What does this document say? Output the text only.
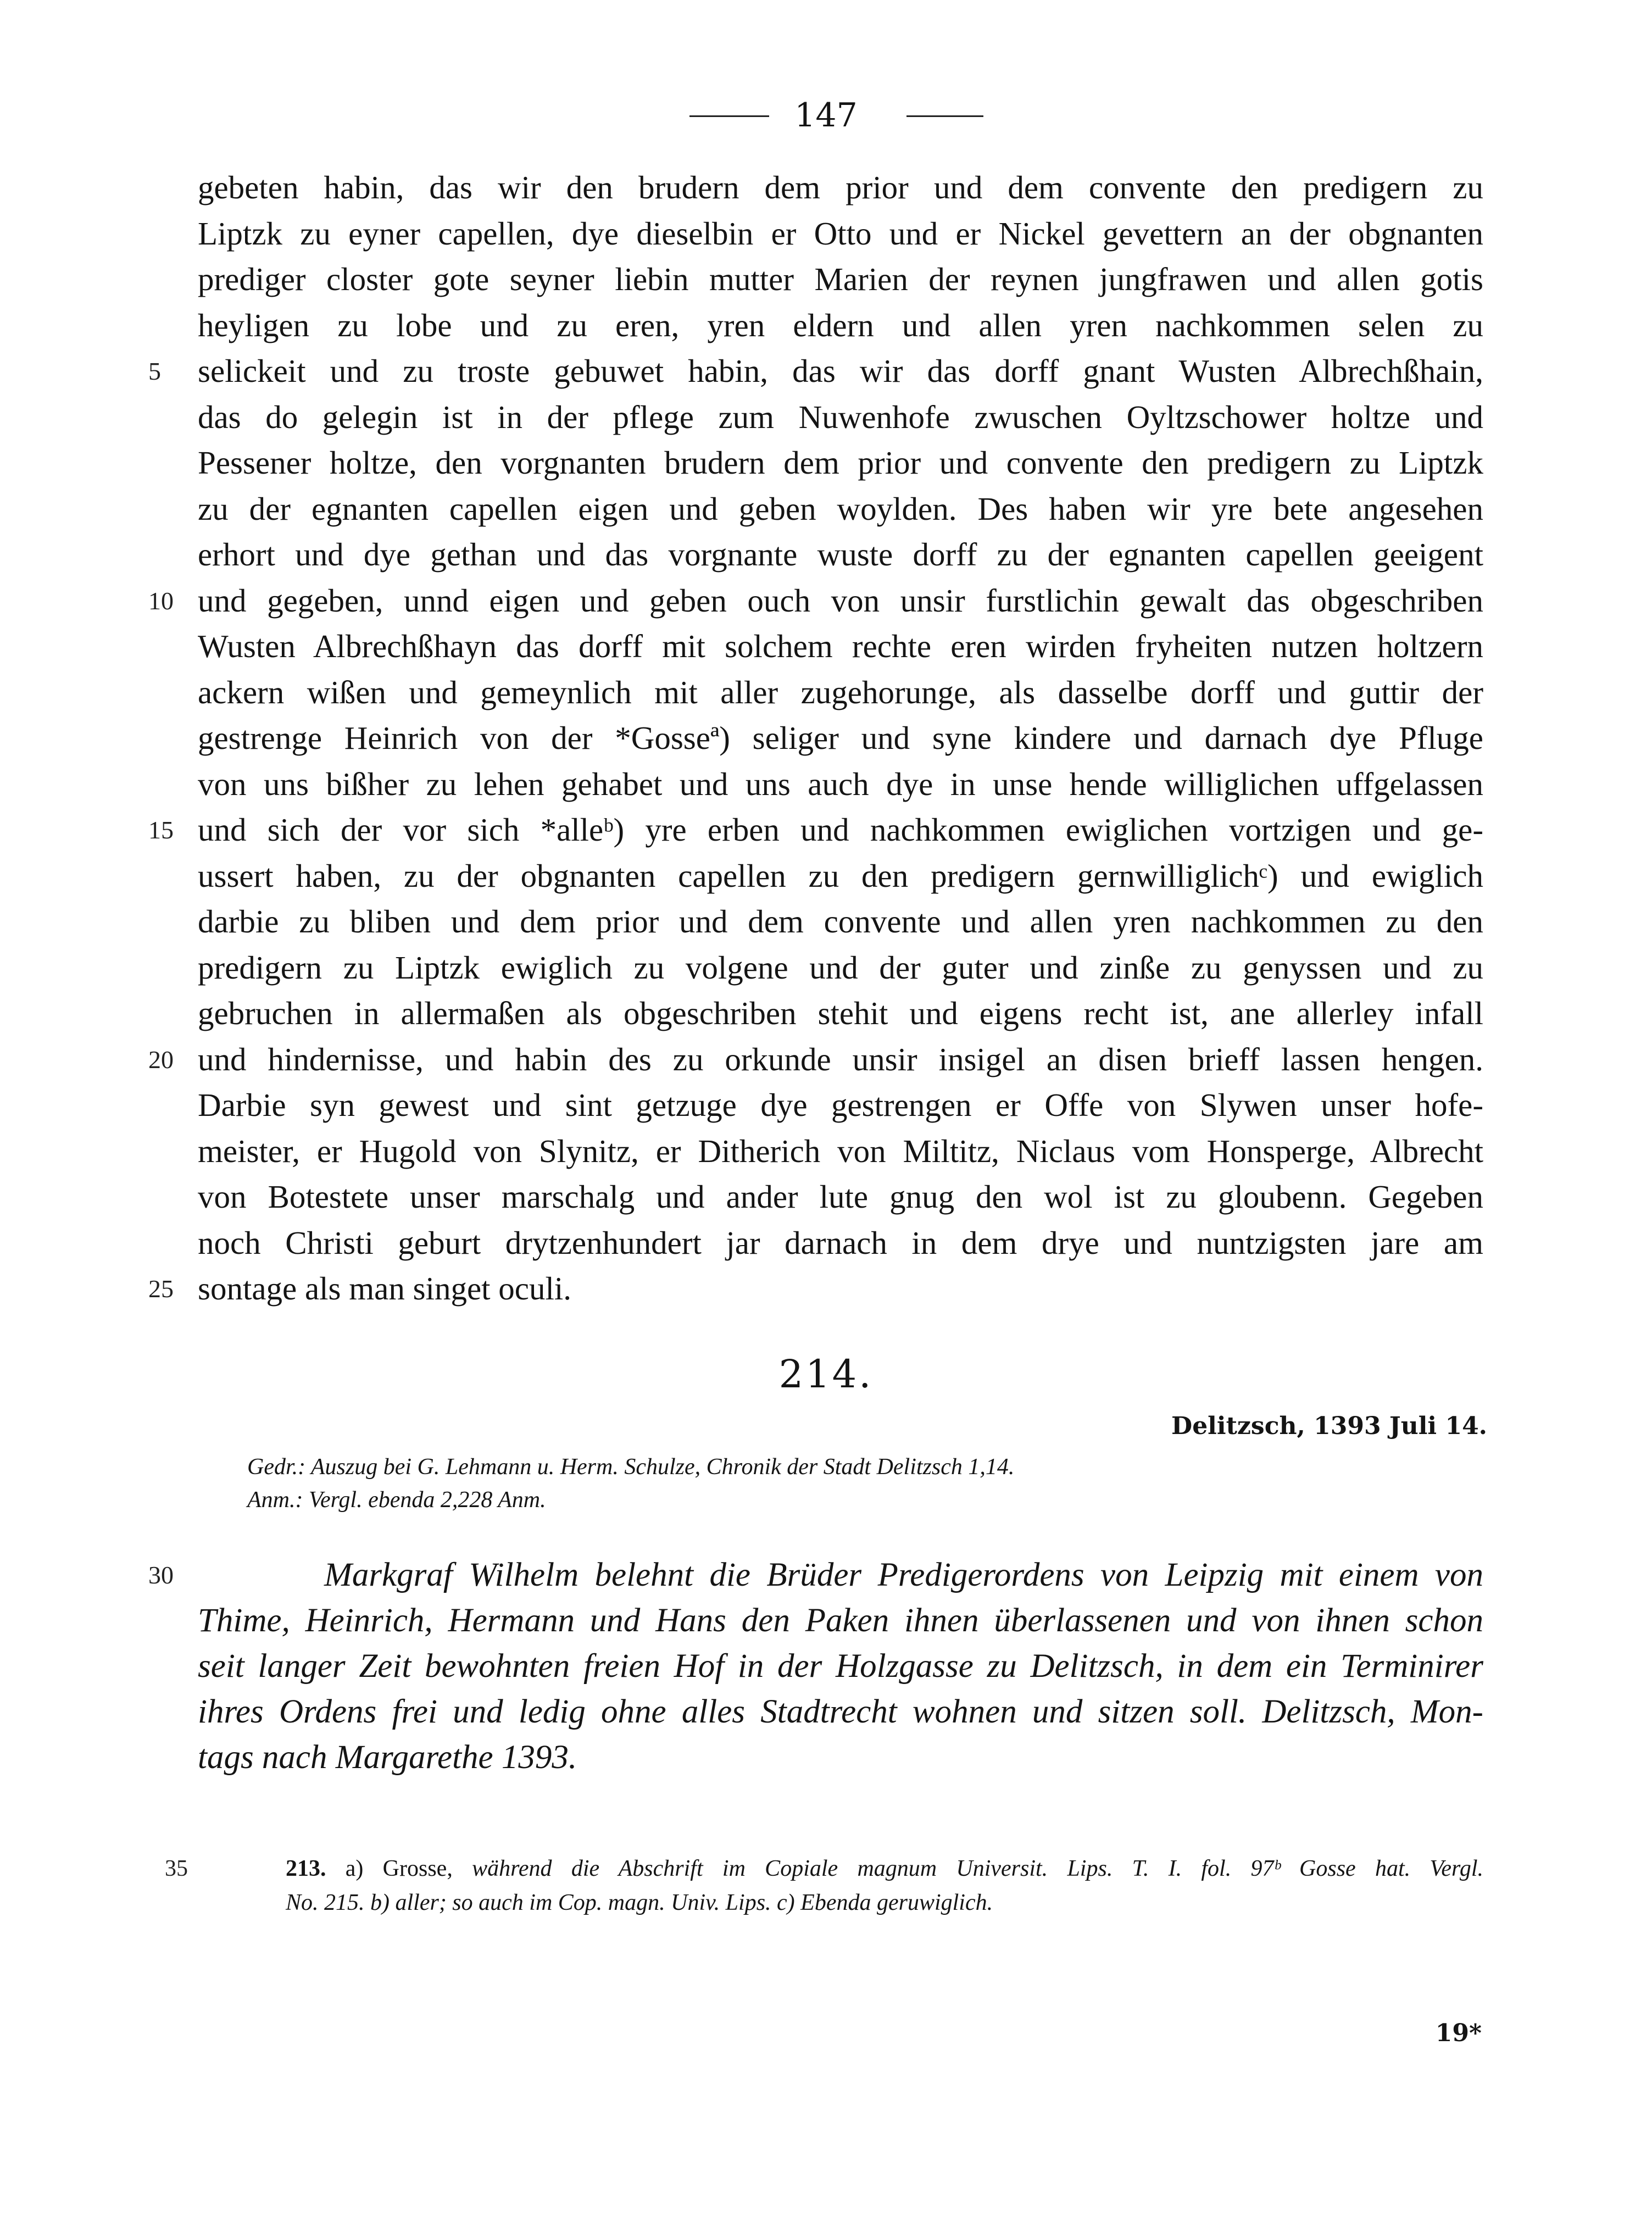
147
gebeten habin, das wir den brudern dem prior und dem convente den predigern zu
Liptzk zu eyner capellen, dye dieselbin er Otto und er Nickel gevettern an der obgnanten
prediger closter gote seyner liebin mutter Marien der reynen jungfrawen und allen gotis
heyligen zu lobe und zu eren, yren eldern und allen yren nachkommen selen zu
5	selickeit und zu troste gebuwet habin, das wir das dorff gnant Wusten Albrechßhain,
das do gelegin ist in der pflege zum Nuwenhofe zwuschen Oyltzschower holtze und
Pessener holtze, den vorgnanten brudern dem prior und convente den predigern zu Liptzk
zu der egnanten capellen eigen und geben woylden. Des haben wir yre bete angesehen
erhort und dye gethan und das vorgnante wuste dorff zu der egnanten capellen geeigent
10 und gegeben, unnd eigen und geben ouch von unsir furstlichin gewalt das obgeschriben
Wusten Albrechßhayn das dorff mit solchem rechte eren wirden fryheiten nutzen holtzern
ackern wißen und gemeynlich mit aller zugehorunge, als dasselbe dorff und guttir der
gestrenge Heinrich von der *Gosseª) seliger und syne kindere und darnach dye Pfluge
von uns bißher zu lehen gehabet und uns auch dye in unse hende williglichen uffgelassen
15 und sich der vor sich *alleᵇ) yre erben und nachkommen ewiglichen vortzigen und ge-
ussert haben, zu der obgnanten capellen zu den predigern gernwilliglichᶜ) und ewiglich
darbie zu bliben und dem prior und dem convente und allen yren nachkommen zu den
predigern zu Liptzk ewiglich zu volgene und der guter und zinße zu genyssen und zu
gebruchen in allermaßen als obgeschriben stehit und eigens recht ist, ane allerley infall
20 und hindernisse, und habin des zu orkunde unsir insigel an disen brieff lassen hengen.
Darbie syn gewest und sint getzuge dye gestrengen er Offe von Slywen unser hofe-
meister, er Hugold von Slynitz, er Ditherich von Miltitz, Niclaus vom Honsperge, Albrecht
von Botestete unser marschalg und ander lute gnug den wol ist zu gloubenn. Gegeben
noch Christi geburt drytzenhundert jar darnach in dem drye und nuntzigsten jare am
25 sontage als man singet oculi.
214.
Delitzsch, 1393 Juli 14.
Gedr.: Auszug bei G. Lehmann u. Herm. Schulze, Chronik der Stadt Delitzsch 1,14.
Anm.: Vergl. ebenda 2,228 Anm.
30	Markgraf Wilhelm belehnt die Brüder Predigerordens von Leipzig mit einem von
Thime, Heinrich, Hermann und Hans den Paken ihnen überlassenen und von ihnen schon
seit langer Zeit bewohnten freien Hof in der Holzgasse zu Delitzsch, in dem ein Terminirer
ihres Ordens frei und ledig ohne alles Stadtrecht wohnen und sitzen soll. Delitzsch, Mon-
tags nach Margarethe 1393.
35	213. a) Grosse, während die Abschrift im Copiale magnum Universit. Lips. T. I. fol. 97ᵇ Gosse hat. Vergl.
No. 215. b) aller; so auch im Cop. magn. Univ. Lips. c) Ebenda geruwiglich.
19*
